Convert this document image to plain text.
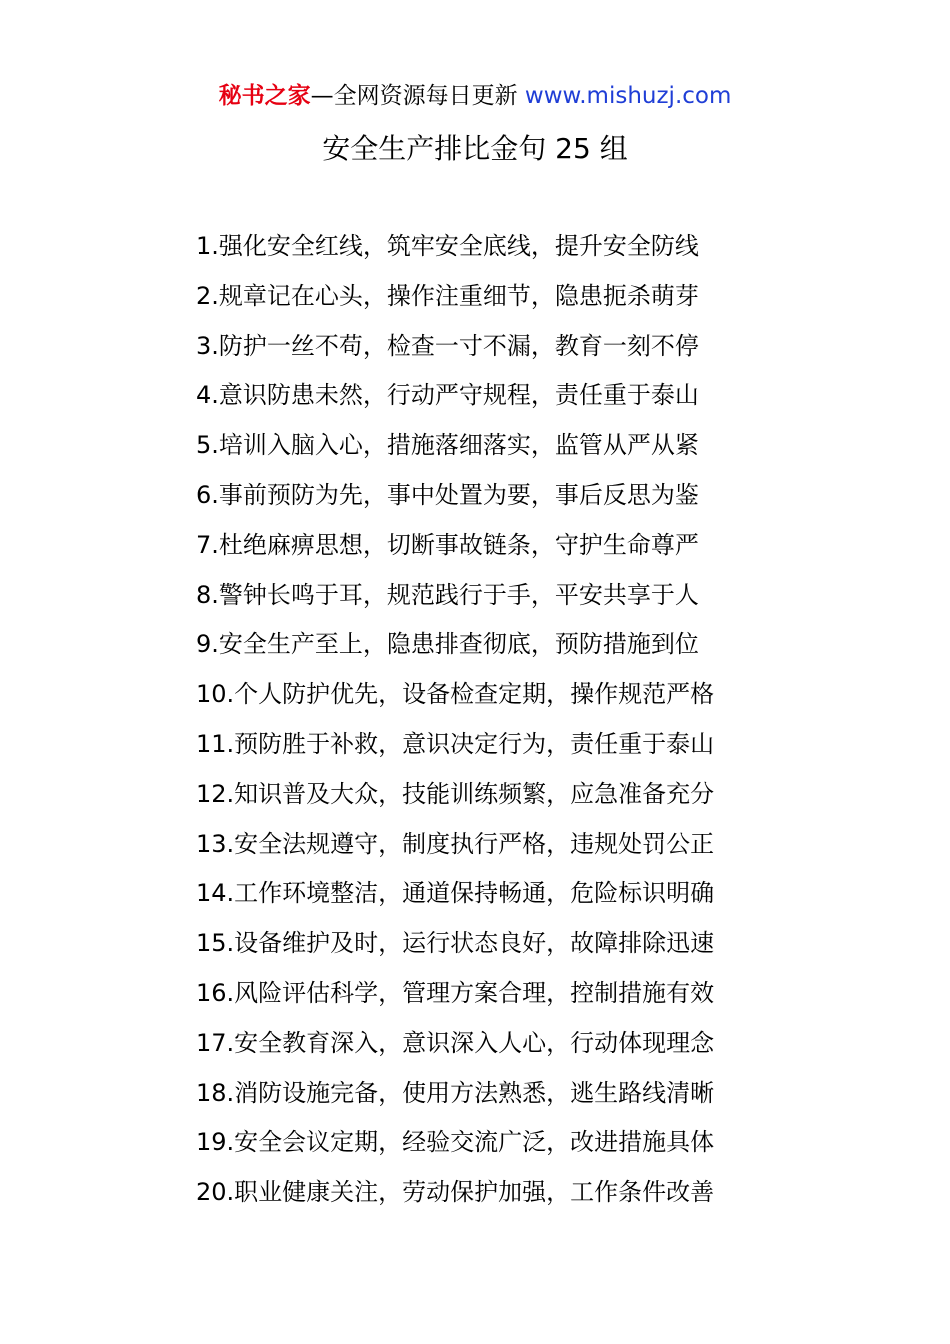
秘书之家—全网资源每日更新 www.mishuzj.com
安全生产排比金句 25 组
1.强化安全红线，筑牢安全底线，提升安全防线
2.规章记在心头，操作注重细节，隐患扼杀萌芽
3.防护一丝不苟，检查一寸不漏，教育一刻不停
4.意识防患未然，行动严守规程，责任重于泰山
5.培训入脑入心，措施落细落实，监管从严从紧
6.事前预防为先，事中处置为要，事后反思为鉴
7.杜绝麻痹思想，切断事故链条，守护生命尊严
8.警钟长鸣于耳，规范践行于手，平安共享于人
9.安全生产至上，隐患排查彻底，预防措施到位
10.个人防护优先，设备检查定期，操作规范严格
11.预防胜于补救，意识决定行为，责任重于泰山
12.知识普及大众，技能训练频繁，应急准备充分
13.安全法规遵守，制度执行严格，违规处罚公正
14.工作环境整洁，通道保持畅通，危险标识明确
15.设备维护及时，运行状态良好，故障排除迅速
16.风险评估科学，管理方案合理，控制措施有效
17.安全教育深入，意识深入人心，行动体现理念
18.消防设施完备，使用方法熟悉，逃生路线清晰
19.安全会议定期，经验交流广泛，改进措施具体
20.职业健康关注，劳动保护加强，工作条件改善
